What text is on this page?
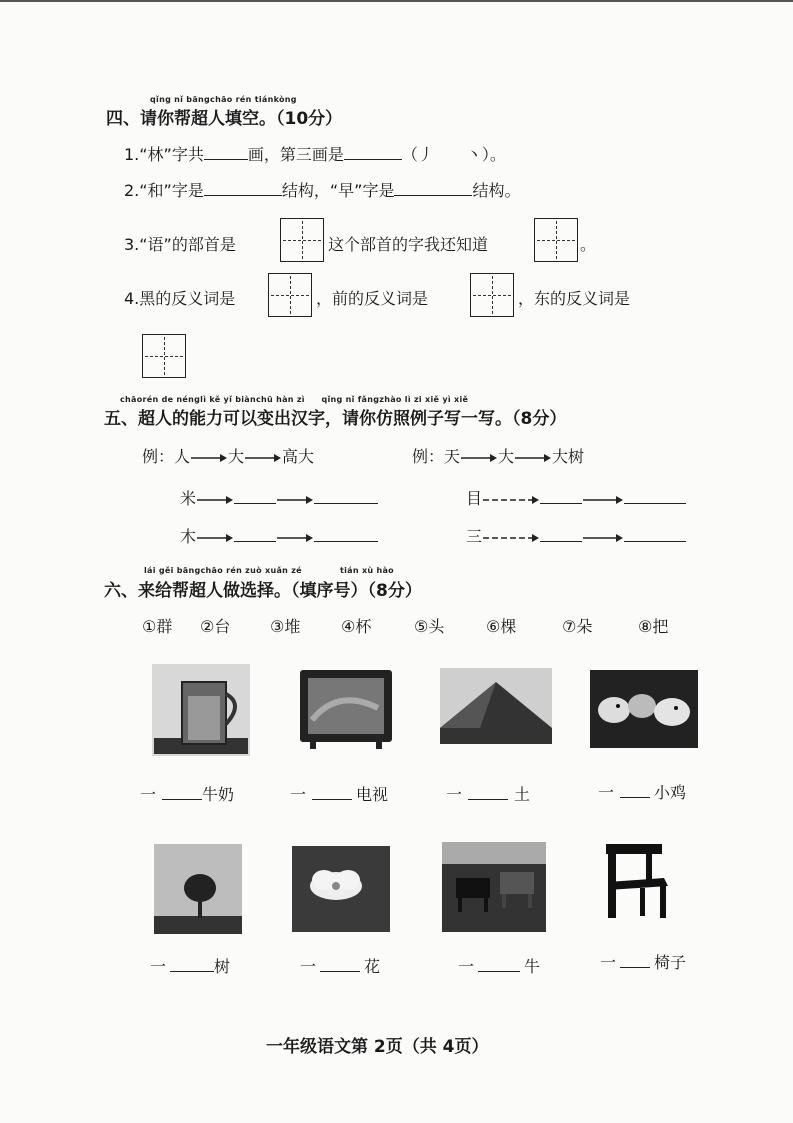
qǐng nǐ bāngchāo rén tiánkòng
四、请你帮超人填空。（10分）
1.“林”字共	画，第三画是	（丿　　丶）。
2.“和”字是	结构，“早”字是	结构。
3.“语”的部首是	这个部首的字我还知道	。
4.黑的反义词是	，前的反义词是	，东的反义词是
chāorén de nénglì kě yǐ biànchū hàn zì　　qǐng nǐ fǎngzhào lì zi xiě yì xiě
五、超人的能力可以变出汉字，请你仿照例子写一写。（8分）
例：人 大 高大	例：天 大 大树
米	目
木	三
lái gěi bāngchāo rén zuò xuǎn zé	tián xù hào
六、来给帮超人做选择。（填序号）（8分）
①群 ②台 ③堆	④杯	⑤头	⑥棵	⑦朵	⑧把
一	牛奶	一	电视	一	土	一	小鸡
一	树	一	花	一	牛	一 椅子
一年级语文第 2页（共 4页）
